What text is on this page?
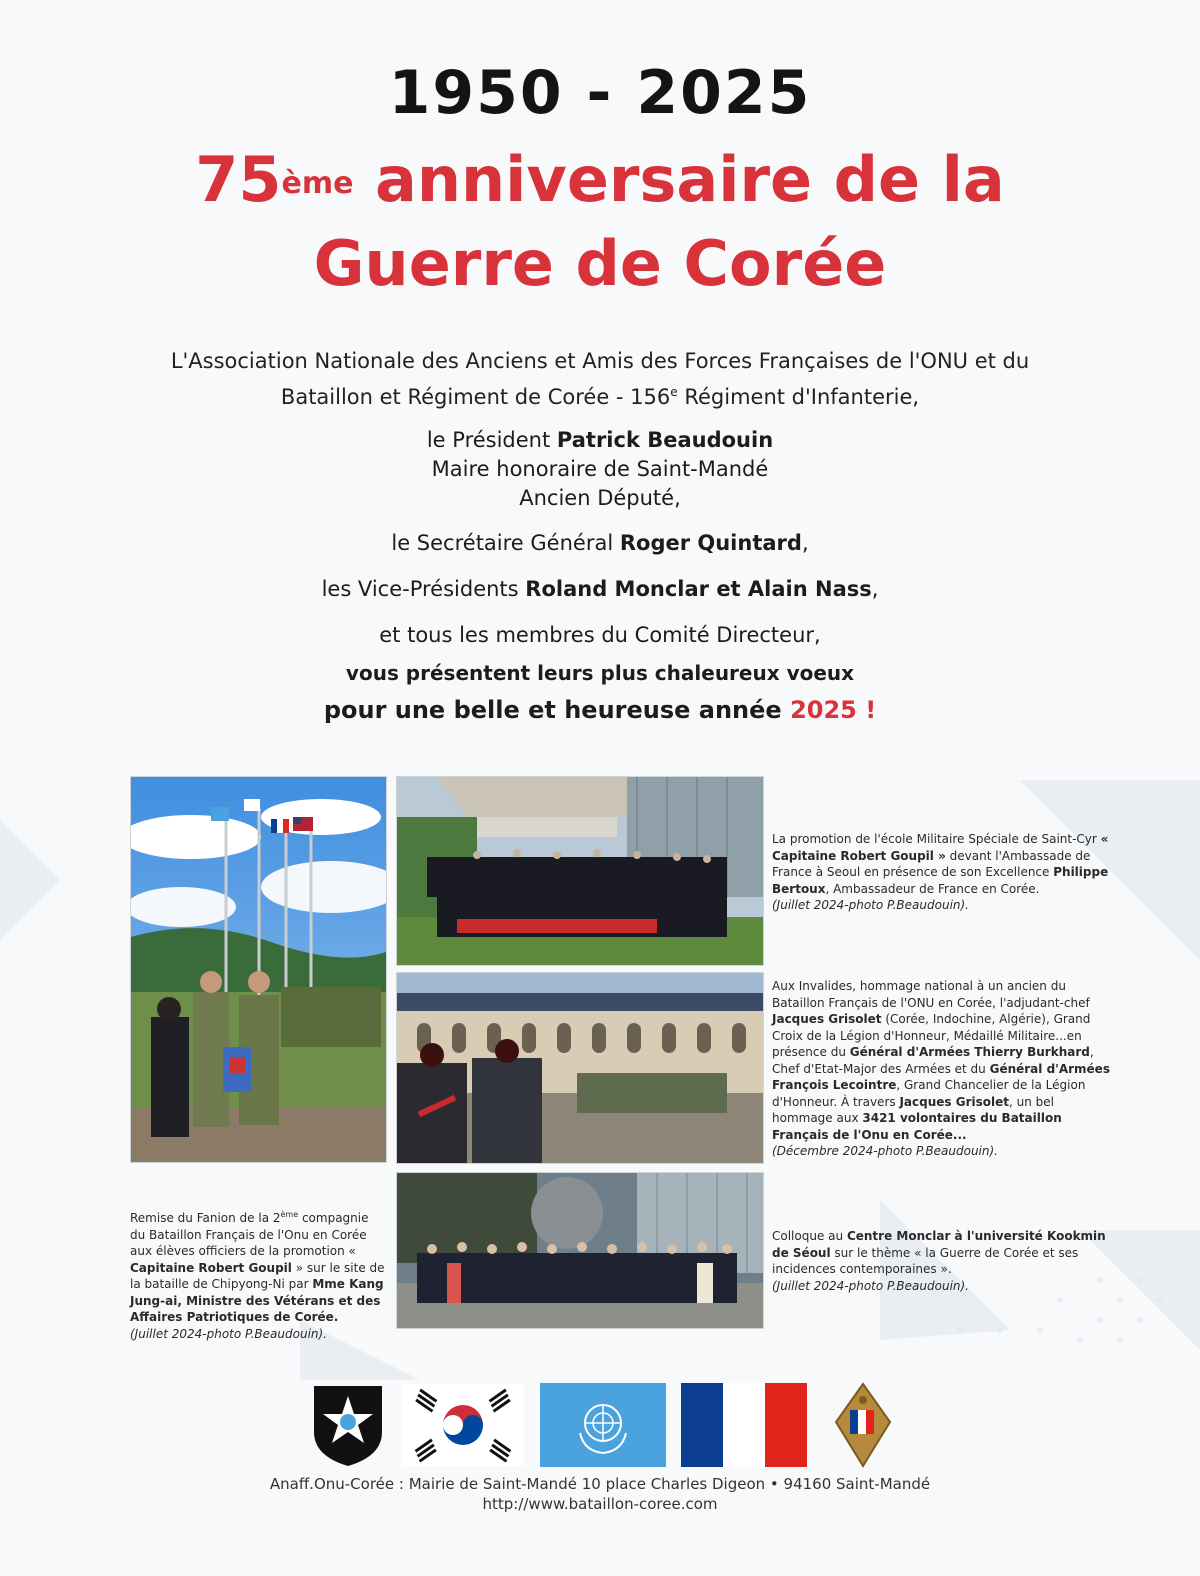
1950 - 2025
75ème anniversaire de la
Guerre de Corée
L'Association Nationale des Anciens et Amis des Forces Françaises de l'ONU et du
Bataillon et Régiment de Corée - 156e Régiment d'Infanterie,
le Président Patrick Beaudouin
Maire honoraire de Saint-Mandé
Ancien Député,
le Secrétaire Général Roger Quintard,
les Vice-Présidents Roland Monclar et Alain Nass,
et tous les membres du Comité Directeur,
vous présentent leurs plus chaleureux voeux
pour une belle et heureuse année 2025 !
Remise du Fanion de la 2ème compagnie du Bataillon Français de l'Onu en Corée aux élèves officiers de la promotion « Capitaine Robert Goupil » sur le site de la bataille de Chipyong-Ni par Mme Kang Jung-ai, Ministre des Vétérans et des Affaires Patriotiques de Corée.
(Juillet 2024-photo P.Beaudouin).
La promotion de l'école Militaire Spéciale de Saint-Cyr « Capitaine Robert Goupil » devant l'Ambassade de France à Seoul en présence de son Excellence Philippe Bertoux, Ambassadeur de France en Corée.
(Juillet 2024-photo P.Beaudouin).
Aux Invalides, hommage national à un ancien du Bataillon Français de l'ONU en Corée, l'adjudant-chef Jacques Grisolet (Corée, Indochine, Algérie), Grand Croix de la Légion d'Honneur, Médaillé Militaire...en présence du Général d'Armées Thierry Burkhard, Chef d'Etat-Major des Armées et du Général d'Armées François Lecointre, Grand Chancelier de la Légion d'Honneur. À travers Jacques Grisolet, un bel hommage aux 3421 volontaires du Bataillon Français de l'Onu en Corée...
(Décembre 2024-photo P.Beaudouin).
Colloque au Centre Monclar à l'université Kookmin de Séoul sur le thème « la Guerre de Corée et ses incidences contemporaines ».
(Juillet 2024-photo P.Beaudouin).
Anaff.Onu-Corée : Mairie de Saint-Mandé 10 place Charles Digeon • 94160 Saint-Mandé
http://www.bataillon-coree.com
